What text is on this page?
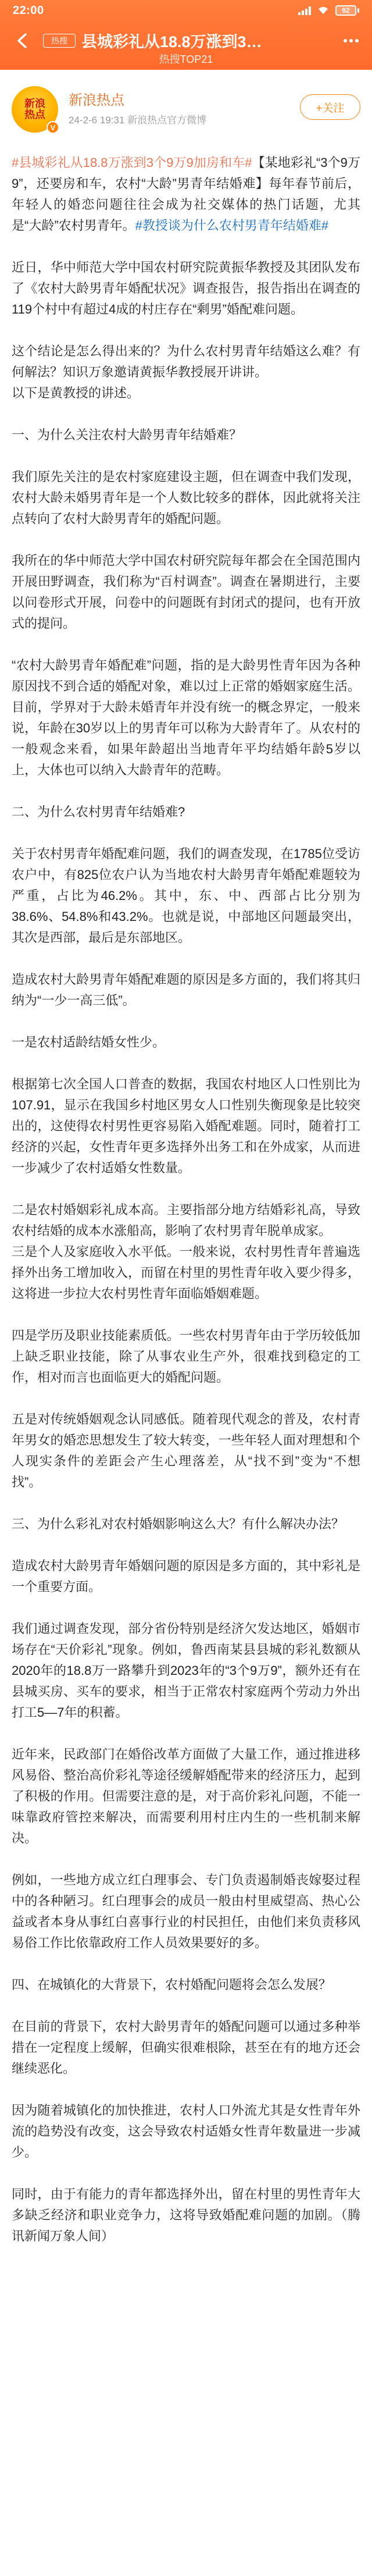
22:00	92
热搜 县城彩礼从18.8万涨到3…
热搜TOP21
新浪
热点
V
新浪热点
24-2-6 19:31 新浪热点官方微博
+关注

#县城彩礼从18.8万涨到3个9万9加房和车#【某地彩礼“3个9万9”，还要房和车，农村“大龄”男青年结婚难】每年春节前后，年轻人的婚恋问题往往会成为社交媒体的热门话题，尤其是“大龄”农村男青年。#教授谈为什么农村男青年结婚难#

近日，华中师范大学中国农村研究院黄振华教授及其团队发布了《农村大龄男青年婚配状况》调查报告，报告指出在调查的119个村中有超过4成的村庄存在“剩男”婚配难问题。

这个结论是怎么得出来的？为什么农村男青年结婚这么难？有何解法？知识万象邀请黄振华教授展开讲讲。
以下是黄教授的讲述。

一、为什么关注农村大龄男青年结婚难？

我们原先关注的是农村家庭建设主题，但在调查中我们发现，农村大龄未婚男青年是一个人数比较多的群体，因此就将关注点转向了农村大龄男青年的婚配问题。

我所在的华中师范大学中国农村研究院每年都会在全国范围内开展田野调查，我们称为“百村调查”。调查在暑期进行，主要以问卷形式开展，问卷中的问题既有封闭式的提问，也有开放式的提问。

“农村大龄男青年婚配难”问题，指的是大龄男性青年因为各种原因找不到合适的婚配对象，难以过上正常的婚姻家庭生活。目前，学界对于大龄未婚青年并没有统一的概念界定，一般来说，年龄在30岁以上的男青年可以称为大龄青年了。从农村的一般观念来看，如果年龄超出当地青年平均结婚年龄5岁以上，大体也可以纳入大龄青年的范畴。

二、为什么农村男青年结婚难?

关于农村男青年婚配难问题，我们的调查发现，在1785位受访农户中，有825位农户认为当地农村大龄男青年婚配难题较为严重，占比为46.2%。其中，东、中、西部占比分别为38.6%、54.8%和43.2%。也就是说，中部地区问题最突出，其次是西部，最后是东部地区。

造成农村大龄男青年婚配难题的原因是多方面的，我们将其归纳为“一少一高三低”。

一是农村适龄结婚女性少。

根据第七次全国人口普查的数据，我国农村地区人口性别比为107.91，显示在我国乡村地区男女人口性别失衡现象是比较突出的，这使得农村男性更容易陷入婚配难题。同时，随着打工经济的兴起，女性青年更多选择外出务工和在外成家，从而进一步减少了农村适婚女性数量。

二是农村婚姻彩礼成本高。主要指部分地方结婚彩礼高，导致农村结婚的成本水涨船高，影响了农村男青年脱单成家。
三是个人及家庭收入水平低。一般来说，农村男性青年普遍选择外出务工增加收入，而留在村里的男性青年收入要少得多，这将进一步拉大农村男性青年面临婚姻难题。

四是学历及职业技能素质低。一些农村男青年由于学历较低加上缺乏职业技能，除了从事农业生产外，很难找到稳定的工作，相对而言也面临更大的婚配问题。

五是对传统婚姻观念认同感低。随着现代观念的普及，农村青年男女的婚恋思想发生了较大转变，一些年轻人面对理想和个人现实条件的差距会产生心理落差，从“找不到”变为“不想找”。

三、为什么彩礼对农村婚姻影响这么大？有什么解决办法？

造成农村大龄男青年婚姻问题的原因是多方面的，其中彩礼是一个重要方面。

我们通过调查发现，部分省份特别是经济欠发达地区，婚姻市场存在“天价彩礼”现象。例如，鲁西南某县县城的彩礼数额从2020年的18.8万一路攀升到2023年的“3个9万9”，额外还有在县城买房、买车的要求，相当于正常农村家庭两个劳动力外出打工5—7年的积蓄。

近年来，民政部门在婚俗改革方面做了大量工作，通过推进移风易俗、整治高价彩礼等途径缓解婚配带来的经济压力，起到了积极的作用。但需要注意的是，对于高价彩礼问题，不能一味靠政府管控来解决，而需要利用村庄内生的一些机制来解决。

例如，一些地方成立红白理事会、专门负责遏制婚丧嫁娶过程中的各种陋习。红白理事会的成员一般由村里威望高、热心公益或者本身从事红白喜事行业的村民担任，由他们来负责移风易俗工作比依靠政府工作人员效果要好的多。

四、在城镇化的大背景下，农村婚配问题将会怎么发展？

在目前的背景下，农村大龄男青年的婚配问题可以通过多种举措在一定程度上缓解，但确实很难根除，甚至在有的地方还会继续恶化。

因为随着城镇化的加快推进，农村人口外流尤其是女性青年外流的趋势没有改变，这会导致农村适婚女性青年数量进一步减少。

同时，由于有能力的青年都选择外出，留在村里的男性青年大多缺乏经济和职业竞争力，这将导致婚配难问题的加剧。（腾讯新闻万象人间）
